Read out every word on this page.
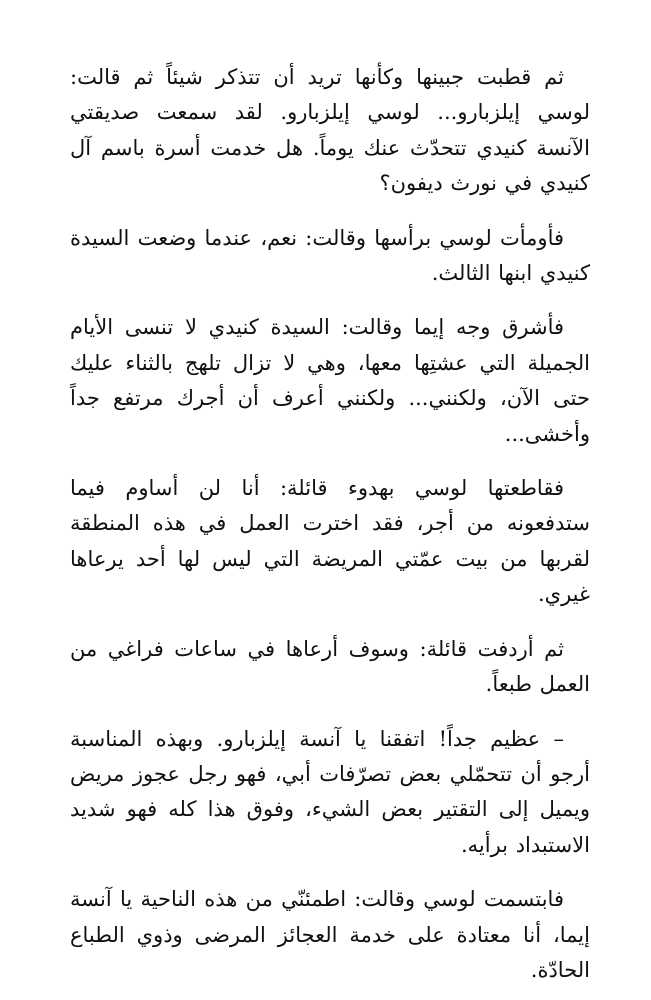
ثم قطبت جبينها وكأنها تريد أن تتذكر شيئاً ثم قالت: لوسي إيلزبارو... لوسي إيلزبارو. لقد سمعت صديقتي الآنسة كنيدي تتحدّث عنك يوماً. هل خدمت أسرة باسم آل كنيدي في نورث ديفون؟

فأومأت لوسي برأسها وقالت: نعم، عندما وضعت السيدة كنيدي ابنها الثالث.

فأشرق وجه إيما وقالت: السيدة كنيدي لا تنسى الأيام الجميلة التي عشتِها معها، وهي لا تزال تلهج بالثناء عليك حتى الآن، ولكنني... ولكنني أعرف أن أجرك مرتفع جداً وأخشى...

فقاطعتها لوسي بهدوء قائلة: أنا لن أساوم فيما ستدفعونه من أجر، فقد اخترت العمل في هذه المنطقة لقربها من بيت عمّتي المريضة التي ليس لها أحد يرعاها غيري.

ثم أردفت قائلة: وسوف أرعاها في ساعات فراغي من العمل طبعاً.

– عظيم جداً! اتفقنا يا آنسة إيلزبارو. وبهذه المناسبة أرجو أن تتحمّلي بعض تصرّفات أبي، فهو رجل عجوز مريض ويميل إلى التقتير بعض الشيء، وفوق هذا كله فهو شديد الاستبداد برأيه.

فابتسمت لوسي وقالت: اطمئنّي من هذه الناحية يا آنسة إيما، أنا معتادة على خدمة العجائز المرضى وذوي الطباع الحادّة.
